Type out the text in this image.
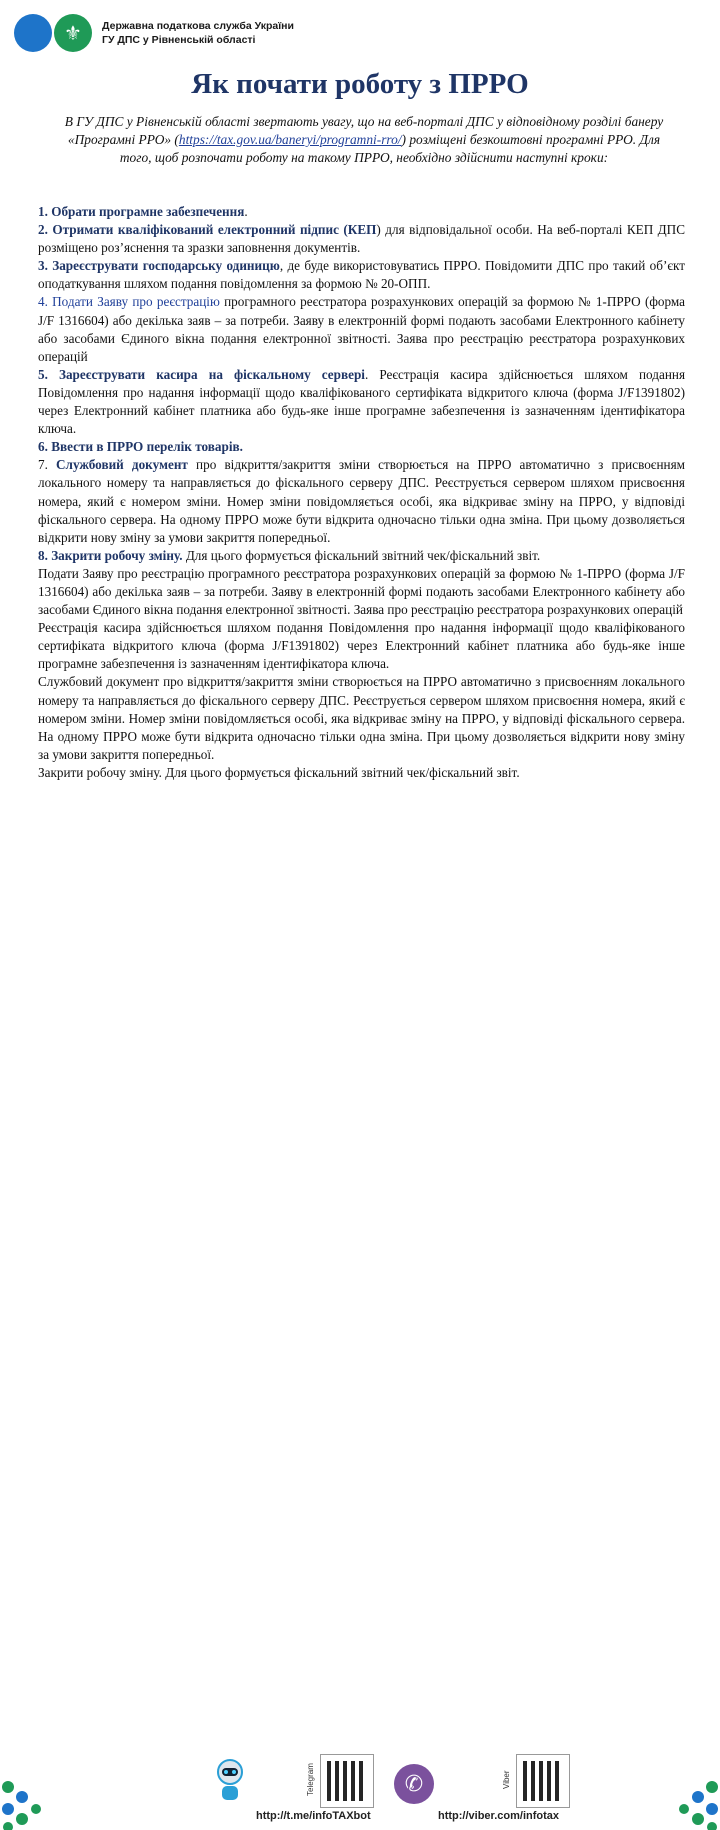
⚜	Державна податкова служба України
ГУ ДПС у Рівненській області
Як почати роботу з ПРРО
В ГУ ДПС у Рівненській області звертають увагу, що на веб-порталі ДПС у відповідному розділі банеру «Програмні РРО» (https://tax.gov.ua/baneryi/programni-rro/) розміщені безкоштовні програмні РРО. Для того, щоб розпочати роботу на такому ПРРО, необхідно здійснити наступні кроки:

1. Обрати програмне забезпечення.

2. Отримати кваліфікований електронний підпис (КЕП) для відповідальної особи. На веб-порталі КЕП ДПС розміщено роз’яснення та зразки заповнення документів.

3. Зареєструвати господарську одиницю, де буде використовуватись ПРРО. Повідомити ДПС про такий об’єкт оподаткування шляхом подання повідомлення за формою № 20-ОПП.

4. Подати Заяву про реєстрацію програмного реєстратора розрахункових операцій за формою № 1-ПРРО (форма J/F 1316604) або декілька заяв – за потреби. Заяву в електронній формі подають засобами Електронного кабінету або засобами Єдиного вікна подання електронної звітності. Заява про реєстрацію реєстратора розрахункових операцій

5. Зареєструвати касира на фіскальному сервері. Реєстрація касира здійснюється шляхом подання Повідомлення про надання інформації щодо кваліфікованого сертифіката відкритого ключа (форма J/F1391802) через Електронний кабінет платника або будь-яке інше програмне забезпечення із зазначенням ідентифікатора ключа.

6. Ввести в ПРРО перелік товарів.

7. Службовий документ про відкриття/закриття зміни створюється на ПРРО автоматично з присвоєнням локального номеру та направляється до фіскального серверу ДПС. Реєструється сервером шляхом присвоєння номера, який є номером зміни. Номер зміни повідомляється особі, яка відкриває зміну на ПРРО, у відповіді фіскального сервера. На одному ПРРО може бути відкрита одночасно тільки одна зміна. При цьому дозволяється відкрити нову зміну за умови закриття попередньої.

8. Закрити робочу зміну. Для цього формується фіскальний звітний чек/фіскальний звіт.

Подати Заяву про реєстрацію програмного реєстратора розрахункових операцій за формою № 1-ПРРО (форма J/F 1316604) або декілька заяв – за потреби. Заяву в електронній формі подають засобами Електронного кабінету або засобами Єдиного вікна подання електронної звітності. Заява про реєстрацію реєстратора розрахункових операцій

Реєстрація касира здійснюється шляхом подання Повідомлення про надання інформації щодо кваліфікованого сертифіката відкритого ключа (форма J/F1391802) через Електронний кабінет платника або будь-яке інше програмне забезпечення із зазначенням ідентифікатора ключа.

Службовий документ про відкриття/закриття зміни створюється на ПРРО автоматично з присвоєнням локального номеру та направляється до фіскального серверу ДПС. Реєструється сервером шляхом присвоєння номера, який є номером зміни. Номер зміни повідомляється особі, яка відкриває зміну на ПРРО, у відповіді фіскального сервера. На одному ПРРО може бути відкрита одночасно тільки одна зміна. При цьому дозволяється відкрити нову зміну за умови закриття попередньої.

Закрити робочу зміну. Для цього формується фіскальний звітний чек/фіскальний звіт.

Telegram	✆	Viber
http://t.me/infoTAXbot	http://viber.com/infotax
